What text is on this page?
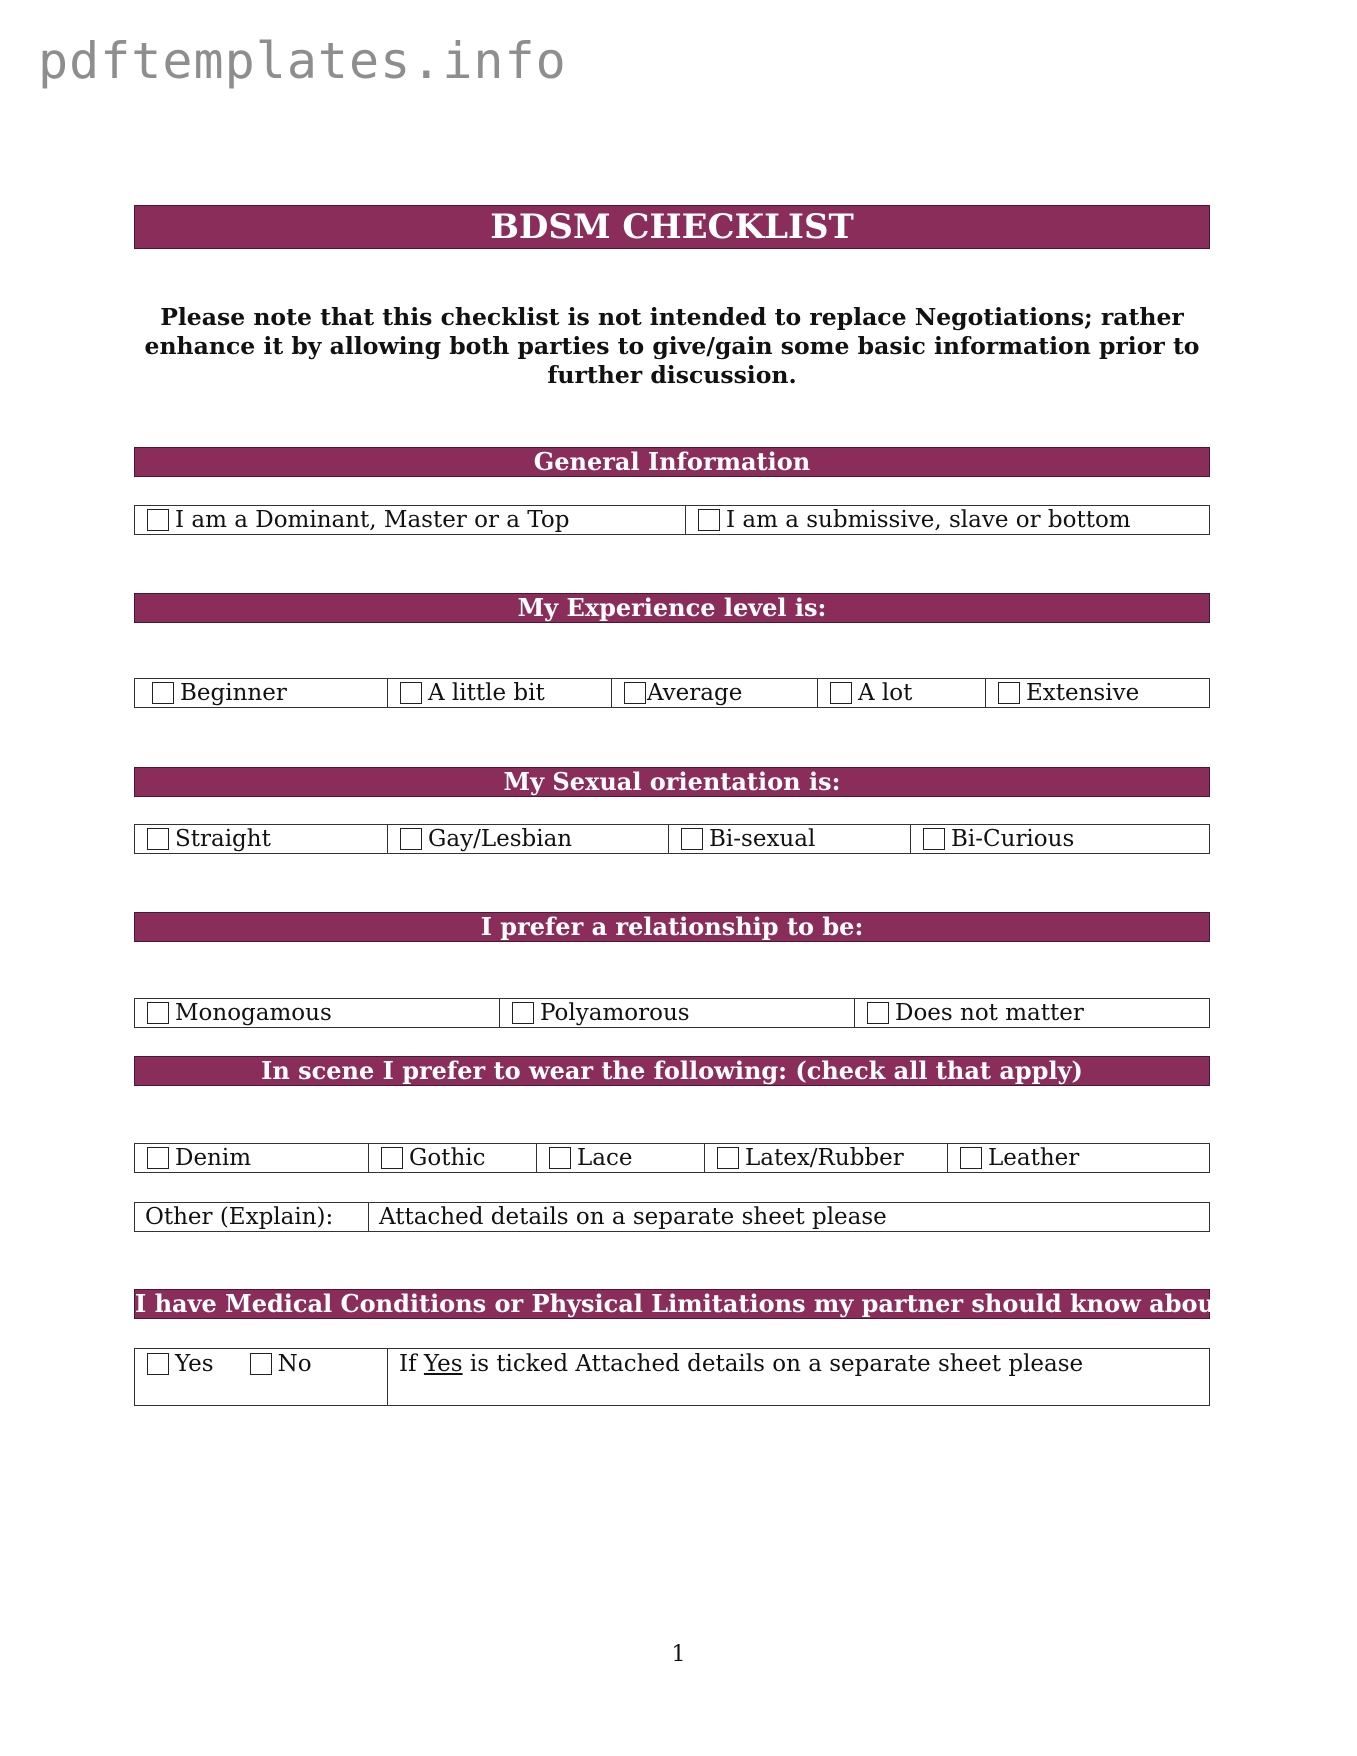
pdftemplates.info
BDSM CHECKLIST
Please note that this checklist is not intended to replace Negotiations; rather enhance it by allowing both parties to give/gain some basic information prior to further discussion.
General Information
I am a Dominant, Master or a Top	I am a submissive, slave or bottom
My Experience level is:
Beginner	A little bit	Average	A lot	Extensive
My Sexual orientation is:
Straight	Gay/Lesbian	Bi-sexual	Bi-Curious
I prefer a relationship to be:
Monogamous	Polyamorous	Does not matter
In scene I prefer to wear the following: (check all that apply)
Denim	Gothic	Lace	Latex/Rubber	Leather
Other (Explain):	Attached details on a separate sheet please
I have Medical Conditions or Physical Limitations my partner should know about
Yes	No	If Yes is ticked Attached details on a separate sheet please
1
